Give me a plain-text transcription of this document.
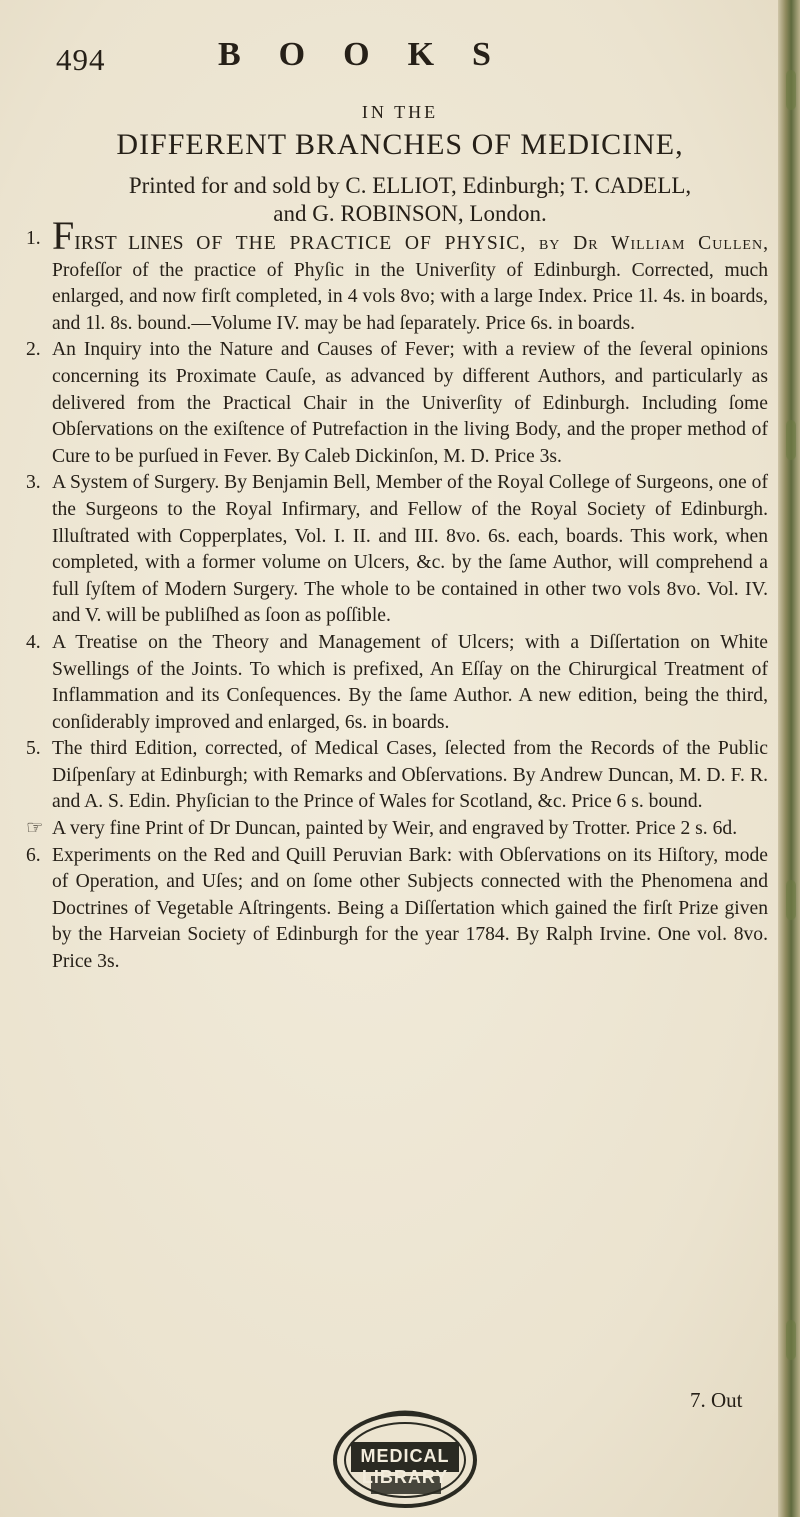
494	BOOKS
IN THE
DIFFERENT BRANCHES OF MEDICINE,
Printed for and sold by C. ELLIOT, Edinburgh; T. CADELL,
and G. ROBINSON, London.
1. FIRST LINES OF THE PRACTICE OF PHYSIC, by Dr William Cullen, Profeſſor of the practice of Phyſic in the Univerſity of Edinburgh. Corrected, much enlarged, and now firſt completed, in 4 vols 8vo; with a large Index. Price 1l. 4s. in boards, and 1l. 8s. bound.—Volume IV. may be had ſeparately. Price 6s. in boards.
2. An Inquiry into the Nature and Causes of Fever; with a review of the ſeveral opinions concerning its Proximate Cauſe, as advanced by different Authors, and particularly as delivered from the Practical Chair in the Univerſity of Edinburgh. Including ſome Obſervations on the exiſtence of Putrefaction in the living Body, and the proper method of Cure to be purſued in Fever. By Caleb Dickinſon, M. D. Price 3s.
3. A System of Surgery. By Benjamin Bell, Member of the Royal College of Surgeons, one of the Surgeons to the Royal Infirmary, and Fellow of the Royal Society of Edinburgh. Illuſtrated with Copperplates, Vol. I. II. and III. 8vo. 6s. each, boards. This work, when completed, with a former volume on Ulcers, &c. by the ſame Author, will comprehend a full ſyſtem of Modern Surgery. The whole to be contained in other two vols 8vo. Vol. IV. and V. will be publiſhed as ſoon as poſſible.
4. A Treatise on the Theory and Management of Ulcers; with a Diſſertation on White Swellings of the Joints. To which is prefixed, An Eſſay on the Chirurgical Treatment of Inflammation and its Conſequences. By the ſame Author. A new edition, being the third, conſiderably improved and enlarged, 6s. in boards.
5. The third Edition, corrected, of Medical Cases, ſelected from the Records of the Public Diſpenſary at Edinburgh; with Remarks and Obſervations. By Andrew Duncan, M. D. F. R. and A. S. Edin. Phyſician to the Prince of Wales for Scotland, &c. Price 6 s. bound.
☞ A very fine Print of Dr Duncan, painted by Weir, and engraved by Trotter. Price 2 s. 6d.
6. Experiments on the Red and Quill Peruvian Bark: with Obſervations on its Hiſtory, mode of Operation, and Uſes; and on ſome other Subjects connected with the Phenomena and Doctrines of Vegetable Aſtringents. Being a Diſſertation which gained the firſt Prize given by the Harveian Society of Edinburgh for the year 1784. By Ralph Irvine. One vol. 8vo. Price 3s.
7. Out
MEDICAL LIBRARY
